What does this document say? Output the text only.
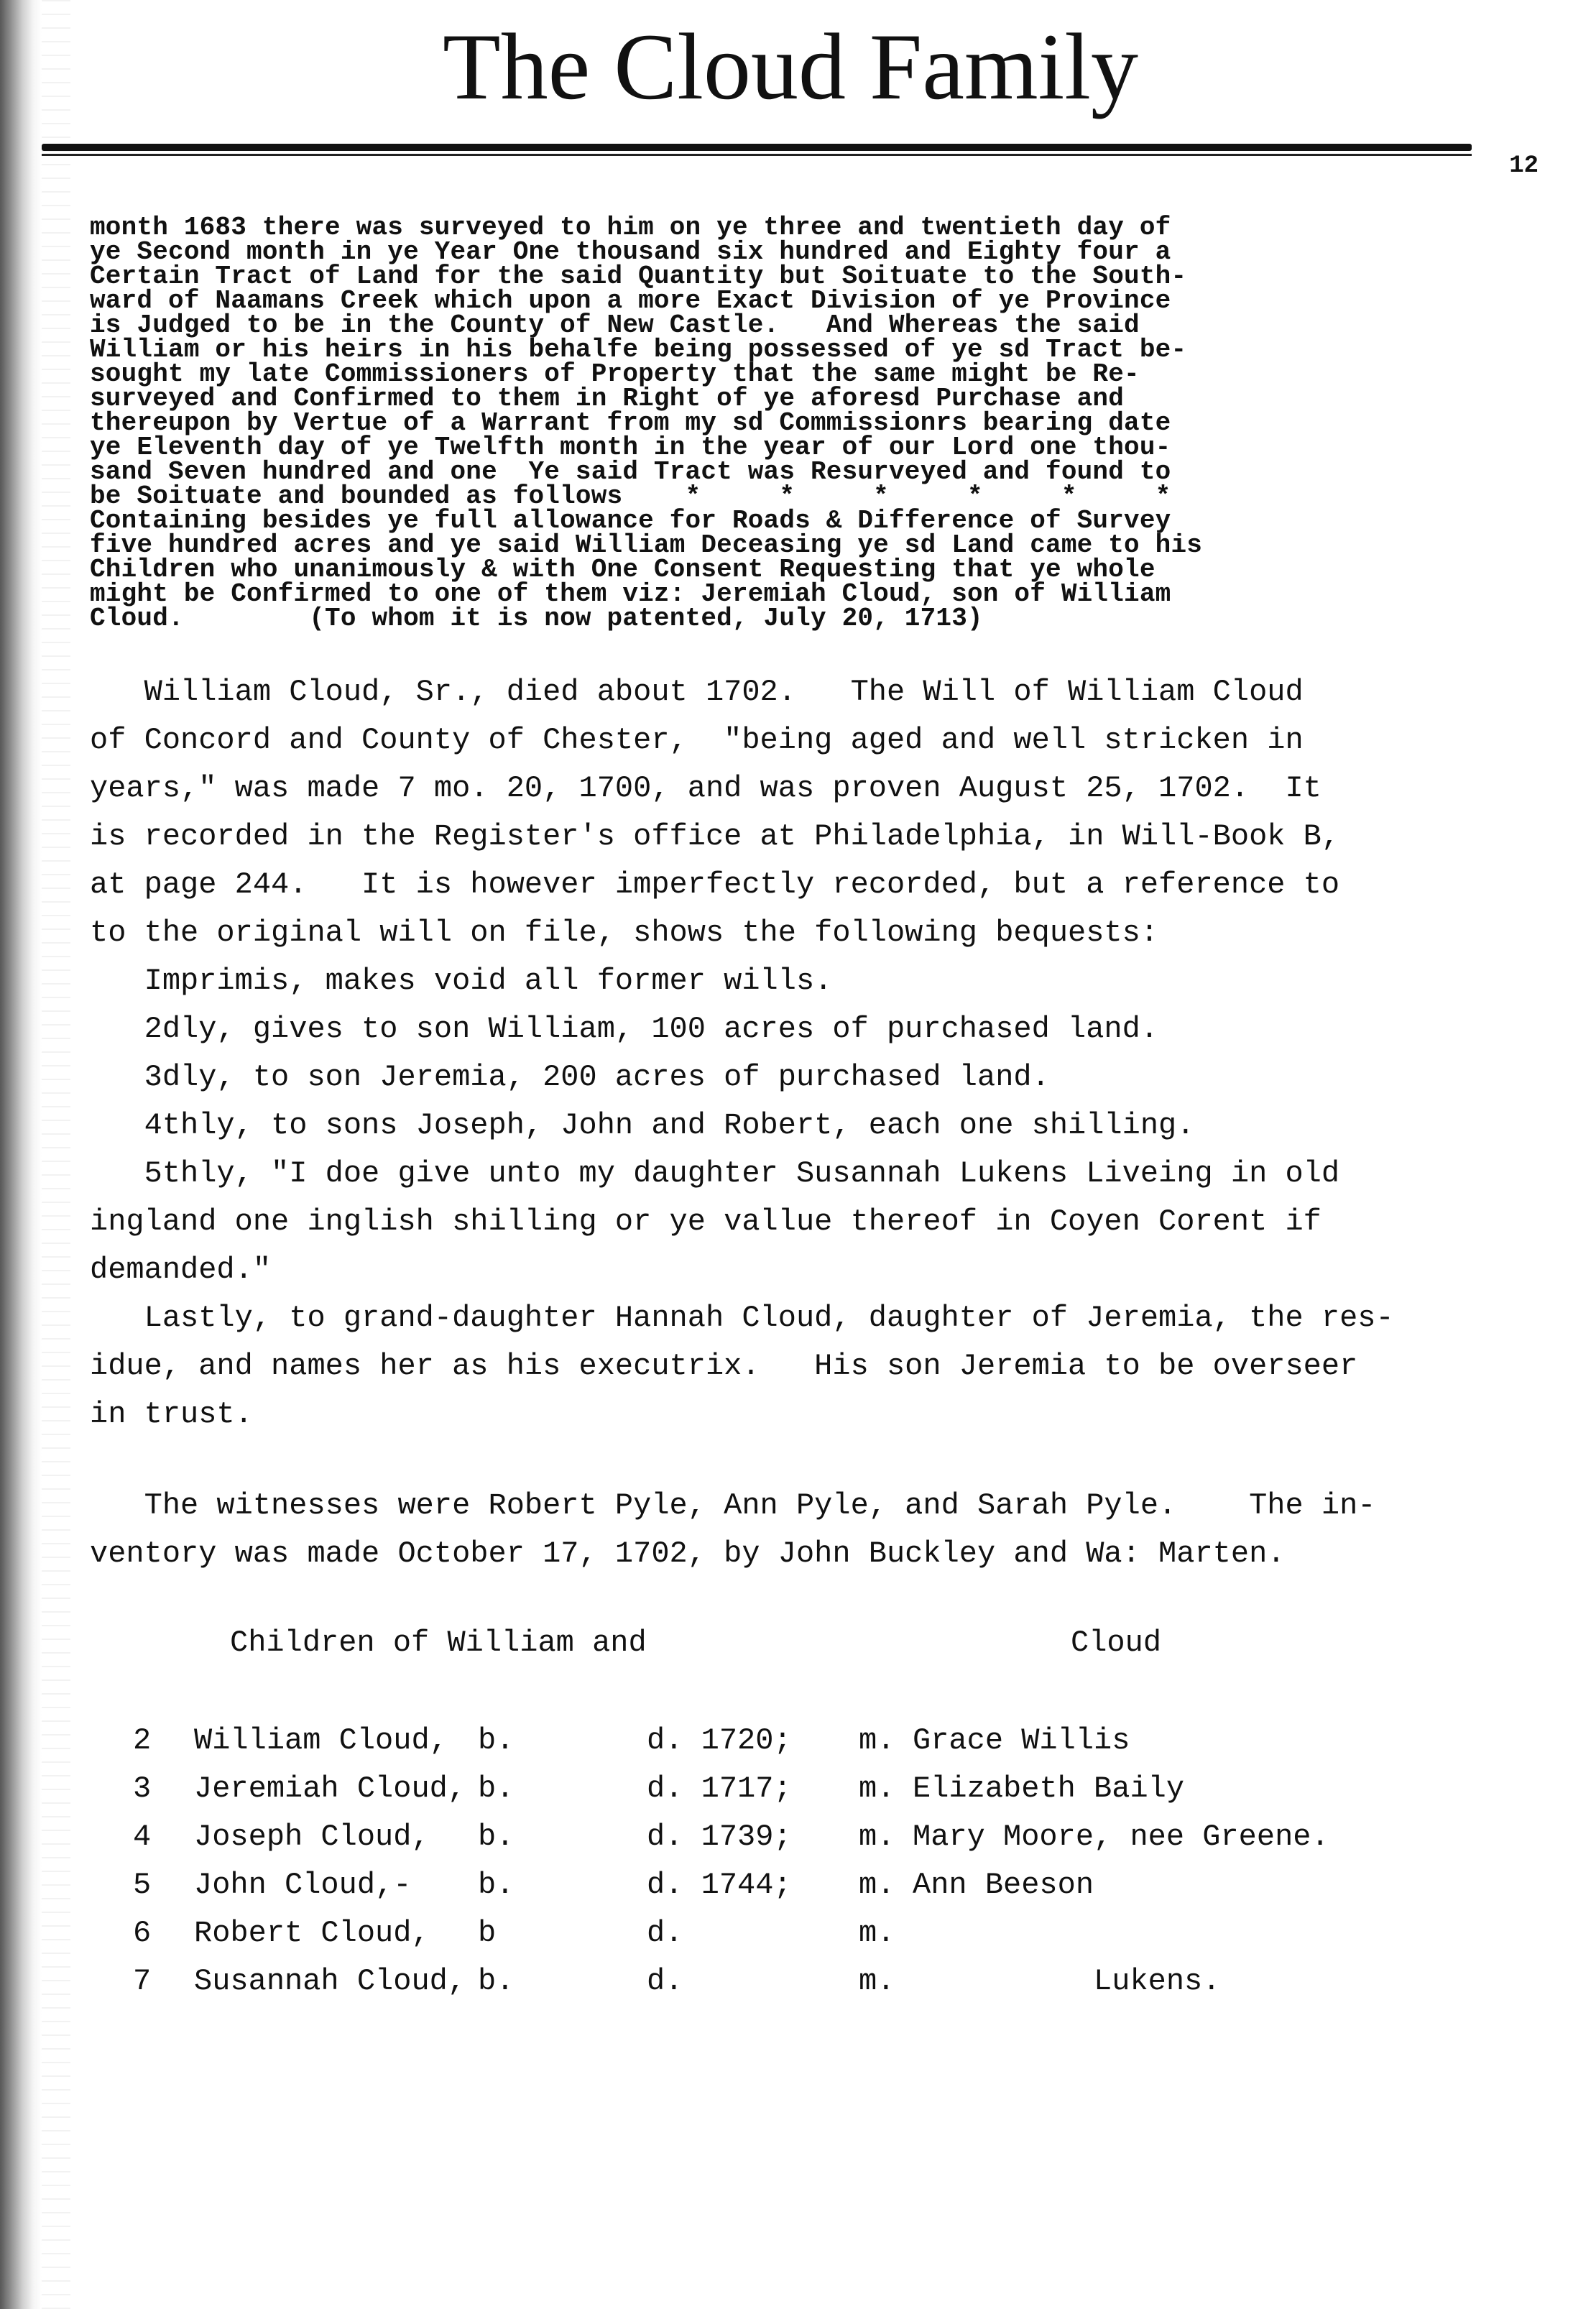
The Cloud Family
12
month 1683 there was surveyed to him on ye three and twentieth day of
ye Second month in ye Year One thousand six hundred and Eighty four a
Certain Tract of Land for the said Quantity but Soituate to the South-
ward of Naamans Creek which upon a more Exact Division of ye Province
is Judged to be in the County of New Castle.   And Whereas the said
William or his heirs in his behalfe being possessed of ye sd Tract be-
sought my late Commissioners of Property that the same might be Re-
surveyed and Confirmed to them in Right of ye aforesd Purchase and
thereupon by Vertue of a Warrant from my sd Commissionrs bearing date
ye Eleventh day of ye Twelfth month in the year of our Lord one thou-
sand Seven hundred and one  Ye said Tract was Resurveyed and found to
be Soituate and bounded as follows    *     *     *     *     *     *
Containing besides ye full allowance for Roads & Difference of Survey
five hundred acres and ye said William Deceasing ye sd Land came to his
Children who unanimously & with One Consent Requesting that ye whole
might be Confirmed to one of them viz: Jeremiah Cloud, son of William
Cloud.        (To whom it is now patented, July 20, 1713)
William Cloud, Sr., died about 1702.   The Will of William Cloud
of Concord and County of Chester,  "being aged and well stricken in
years," was made 7 mo. 20, 1700, and was proven August 25, 1702.  It
is recorded in the Register's office at Philadelphia, in Will-Book B,
at page 244.   It is however imperfectly recorded, but a reference to
to the original will on file, shows the following bequests:
Imprimis, makes void all former wills.
2dly, gives to son William, 100 acres of purchased land.
3dly, to son Jeremia, 200 acres of purchased land.
4thly, to sons Joseph, John and Robert, each one shilling.
5thly, "I doe give unto my daughter Susannah Lukens Liveing in old
ingland one inglish shilling or ye vallue thereof in Coyen Corent if
demanded."
Lastly, to grand-daughter Hannah Cloud, daughter of Jeremia, the res-
idue, and names her as his executrix.   His son Jeremia to be overseer
in trust.
The witnesses were Robert Pyle, Ann Pyle, and Sarah Pyle.    The in-
ventory was made October 17, 1702, by John Buckley and Wa: Marten.
Children of William and	Cloud
2 William Cloud, b.	d. 1720; m. Grace Willis
3 Jeremiah Cloud, b.	d. 1717; m. Elizabeth Baily
4 Joseph Cloud, b.	d. 1739; m. Mary Moore, nee Greene.
5 John Cloud,- b.	d. 1744; m. Ann Beeson
6 Robert Cloud, b	d.	m.
7 Susannah Cloud, b.	d.	m. Lukens.
